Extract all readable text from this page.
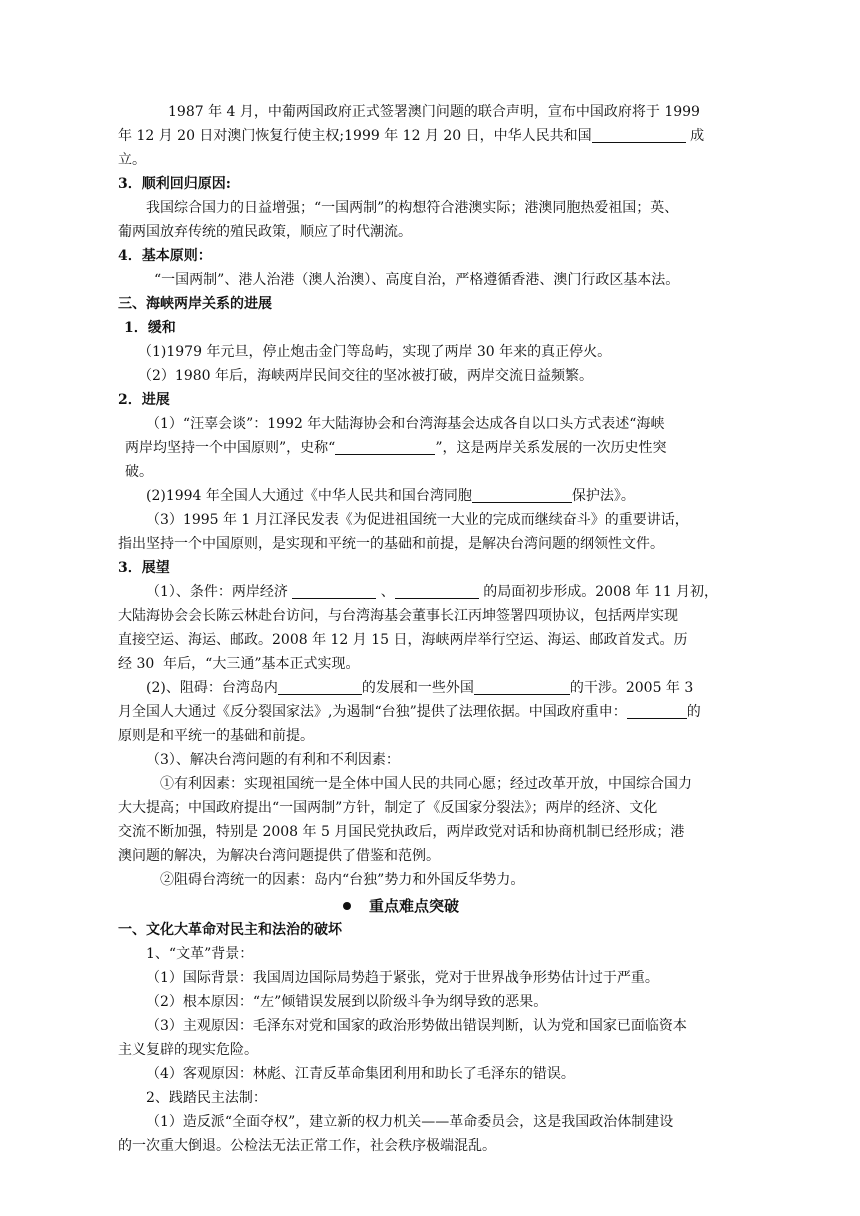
1987 年 4 月，中葡两国政府正式签署澳门问题的联合声明，宣布中国政府将于 1999
年 12 月 20 日对澳门恢复行使主权;1999 年 12 月 20 日，中华人民共和国	成
立。
3．顺利回归原因:
我国综合国力的日益增强；“一国两制”的构想符合港澳实际；港澳同胞热爱祖国；英、
葡两国放弃传统的殖民政策，顺应了时代潮流。
4．基本原则：
“一国两制”、港人治港（澳人治澳）、高度自治，严格遵循香港、澳门行政区基本法。
三、海峡两岸关系的进展
1．缓和
（1)1979 年元旦，停止炮击金门等岛屿，实现了两岸 30 年来的真正停火。
（2）1980 年后，海峡两岸民间交往的坚冰被打破，两岸交流日益频繁。
2．进展
（1）“汪辜会谈”：1992 年大陆海协会和台湾海基会达成各自以口头方式表述“海峡
两岸均坚持一个中国原则”，史称“	”，这是两岸关系发展的一次历史性突
破。
(2)1994 年全国人大通过《中华人民共和国台湾同胞	保护法》。
（3）1995 年 1 月江泽民发表《为促进祖国统一大业的完成而继续奋斗》的重要讲话，
指出坚持一个中国原则，是实现和平统一的基础和前提，是解决台湾问题的纲领性文件。
3．展望
（1）、条件：两岸经济	、	的局面初步形成。2008 年 11 月初，
大陆海协会会长陈云林赴台访问，与台湾海基会董事长江丙坤签署四项协议，包括两岸实现
直接空运、海运、邮政。2008 年 12 月 15 日，海峡两岸举行空运、海运、邮政首发式。历
经 30  年后，“大三通”基本正式实现。
(2)、阻碍：台湾岛内	的发展和一些外国	的干涉。2005 年 3
月全国人大通过《反分裂国家法》,为遏制“台独”提供了法理依据。中国政府重申：	的
原则是和平统一的基础和前提。
（3）、解决台湾问题的有利和不利因素：
①有利因素：实现祖国统一是全体中国人民的共同心愿；经过改革开放，中国综合国力
大大提高；中国政府提出“一国两制”方针，制定了《反国家分裂法》；两岸的经济、文化
交流不断加强，特别是 2008 年 5 月国民党执政后，两岸政党对话和协商机制已经形成；港
澳问题的解决，为解决台湾问题提供了借鉴和范例。
②阻碍台湾统一的因素：岛内“台独”势力和外国反华势力。
重点难点突破
一、文化大革命对民主和法治的破坏
1、“文革”背景：
（1）国际背景：我国周边国际局势趋于紧张，党对于世界战争形势估计过于严重。
（2）根本原因：“左”倾错误发展到以阶级斗争为纲导致的恶果。
（3）主观原因：毛泽东对党和国家的政治形势做出错误判断，认为党和国家已面临资本
主义复辟的现实危险。
（4）客观原因：林彪、江青反革命集团利用和助长了毛泽东的错误。
2、践踏民主法制：
（1）造反派“全面夺权”，建立新的权力机关——革命委员会，这是我国政治体制建设
的一次重大倒退。公检法无法正常工作，社会秩序极端混乱。
